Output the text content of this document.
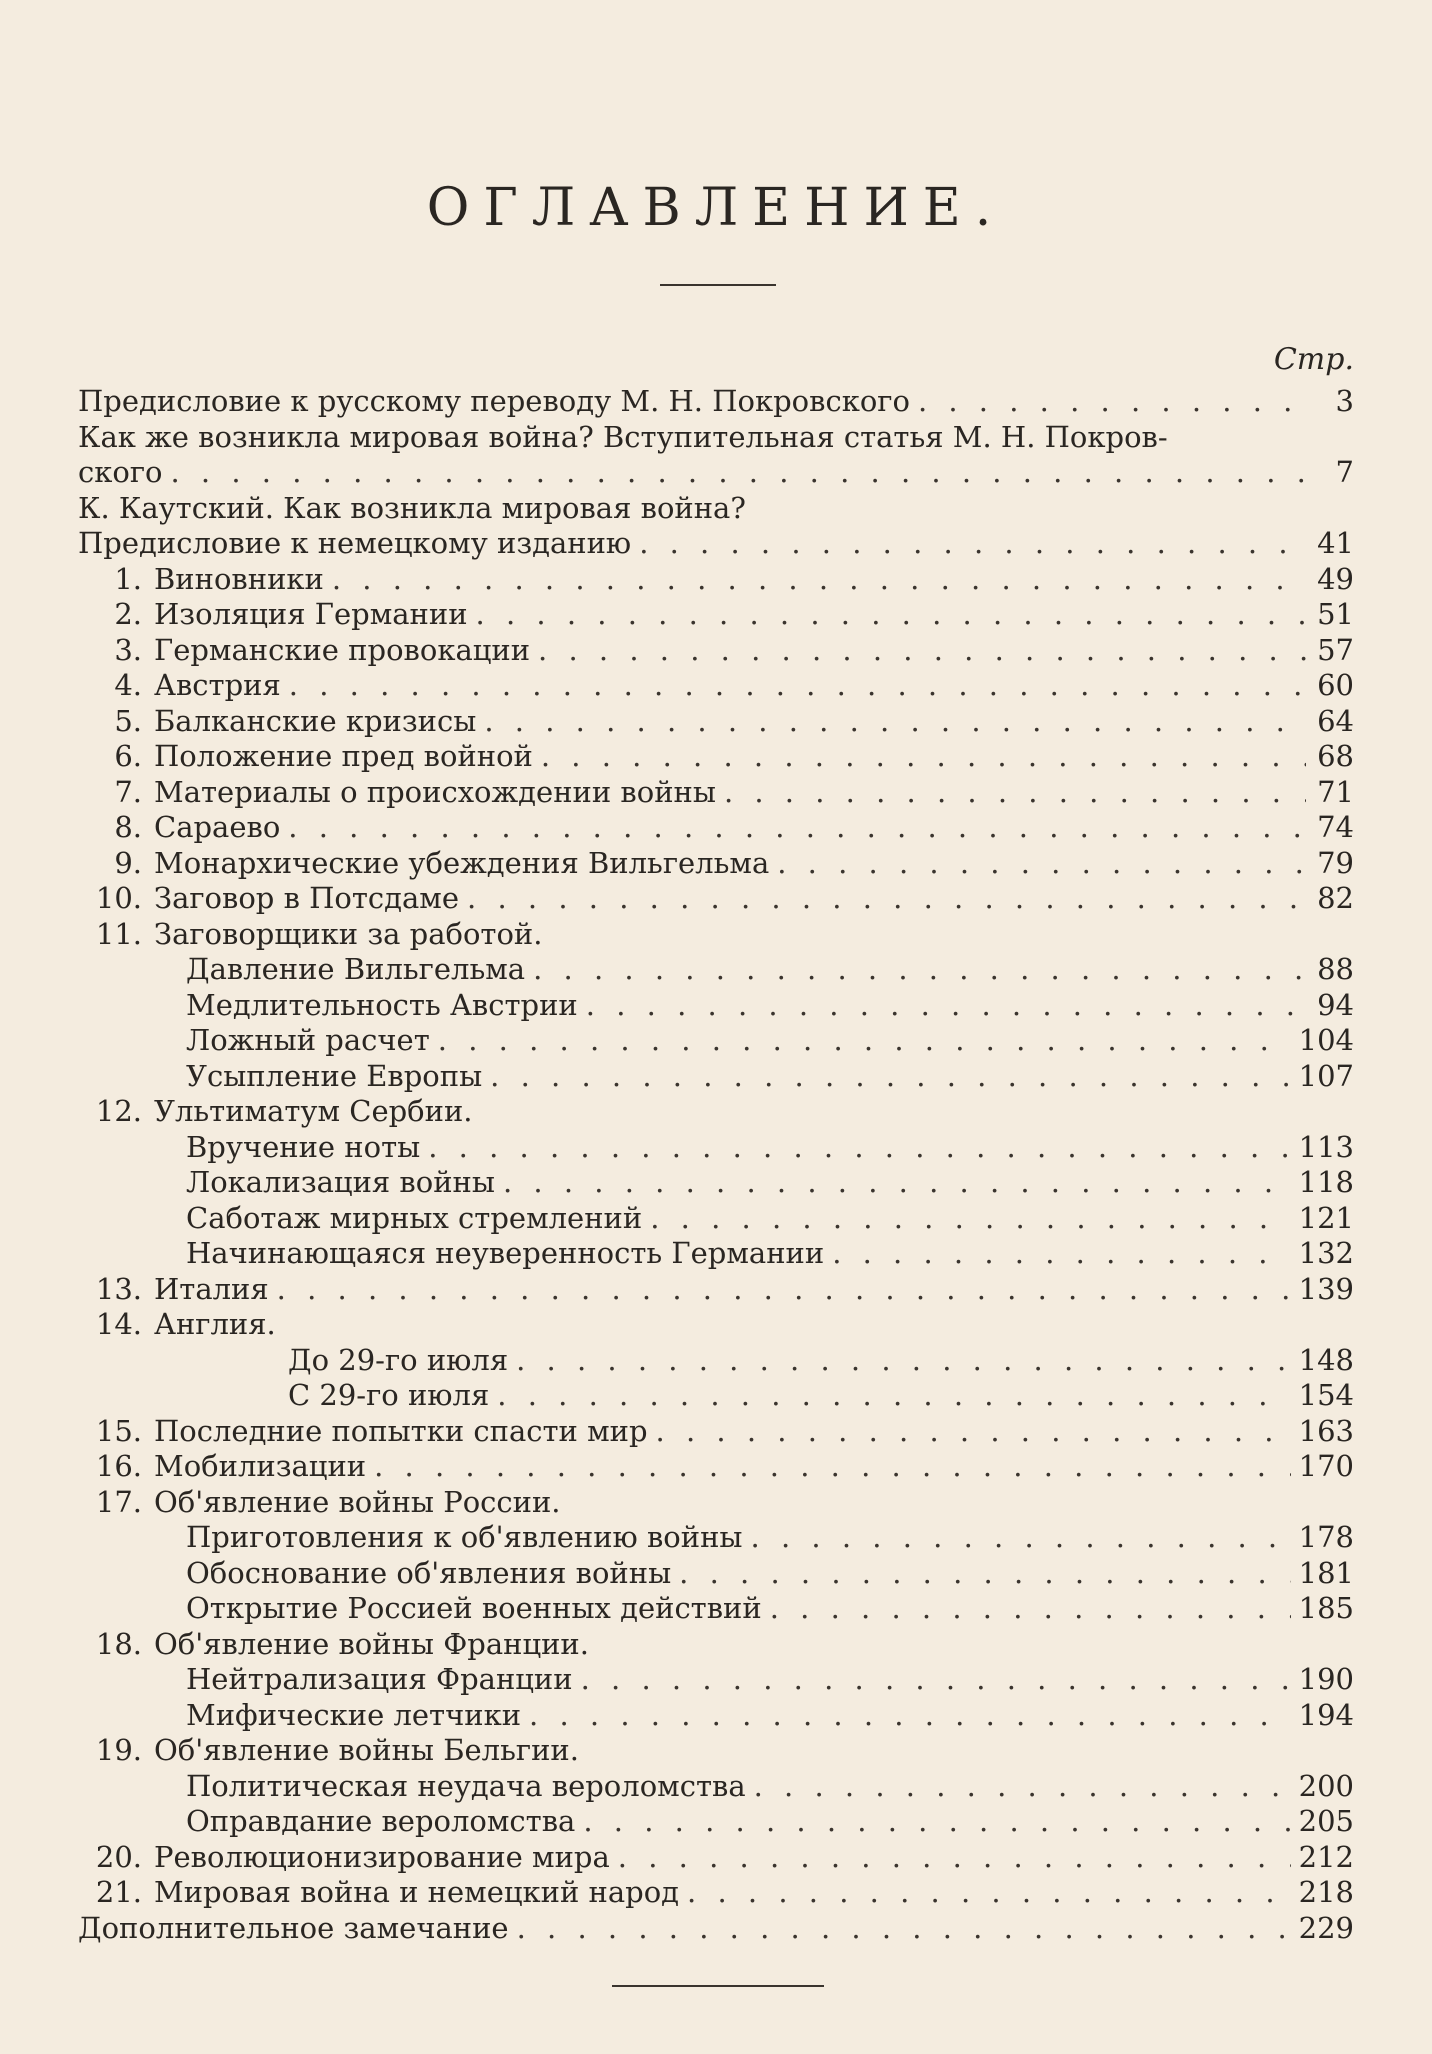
ОГЛАВЛЕНИЕ.
Стр.
Предисловие к русскому переводу М. Н. Покровского . . .	3
Как же возникла мировая война? Вступительная статья М. Н. Покров-
ского . . .	7
К. Каутский. Как возникла мировая война?
Предисловие к немецкому изданию . . .	41
1. Виновники . . .	49
2. Изоляция Германии . . .	51
3. Германские провокации . . .	57
4. Австрия . . .	60
5. Балканские кризисы . . .	64
6. Положение пред войной . . .	68
7. Материалы о происхождении войны . . .	71
8. Сараево . . .	74
9. Монархические убеждения Вильгельма . . .	79
10. Заговор в Потсдаме . . .	82
11. Заговорщики за работой.
Давление Вильгельма . . .	88
Медлительность Австрии . . .	94
Ложный расчет . . .	104
Усыпление Европы . . .	107
12. Ультиматум Сербии.
Вручение ноты . . .	113
Локализация войны . . .	118
Саботаж мирных стремлений . . .	121
Начинающаяся неуверенность Германии . . .	132
13. Италия . . .	139
14. Англия.
До 29-го июля . . .	148
С 29-го июля . . .	154
15. Последние попытки спасти мир . . .	163
16. Мобилизации . . .	170
17. Об'явление войны России.
Приготовления к об'явлению войны . . .	178
Обоснование об'явления войны . . .	181
Открытие Россией военных действий . . .	185
18. Об'явление войны Франции.
Нейтрализация Франции . . .	190
Мифические летчики . . .	194
19. Об'явление войны Бельгии.
Политическая неудача вероломства . . .	200
Оправдание вероломства . . .	205
20. Революционизирование мира . . .	212
21. Мировая война и немецкий народ . . .	218
Дополнительное замечание . . .	229
